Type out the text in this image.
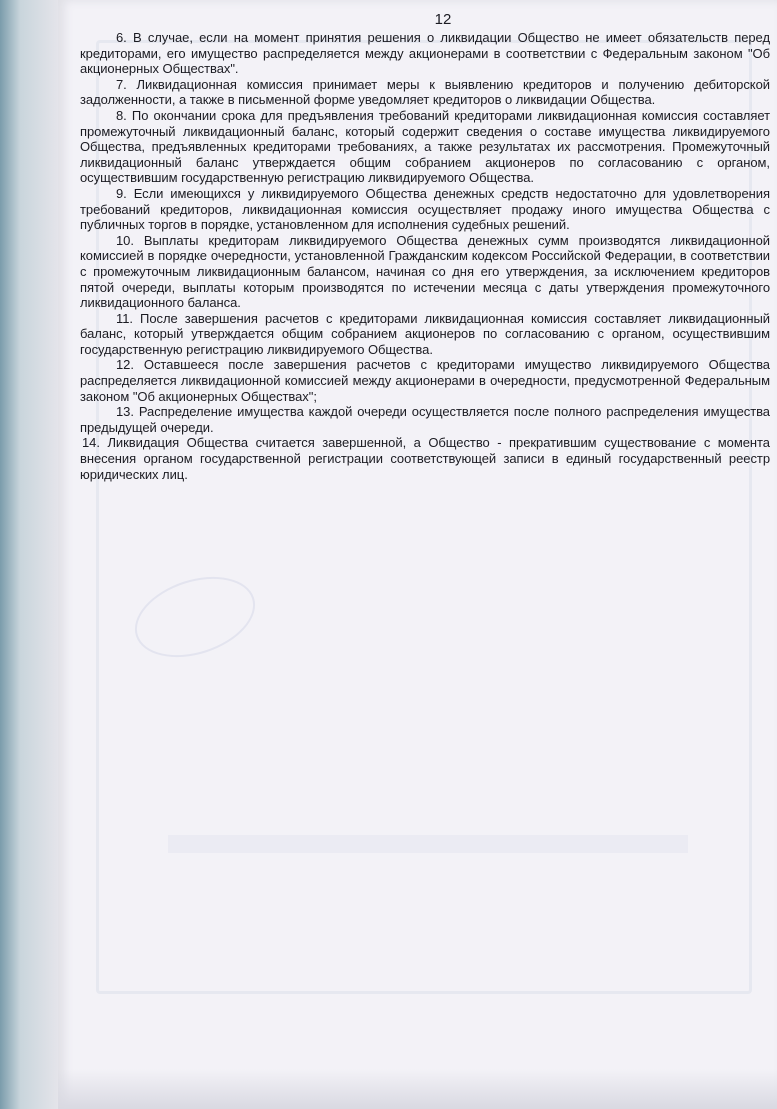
12

6. В случае, если на момент принятия решения о ликвидации Общество не имеет обязательств перед кредиторами, его имущество распределяется между акционерами в соответствии с Федеральным законом "Об акционерных Обществах".

7. Ликвидационная комиссия принимает меры к выявлению кредиторов и получению дебиторской задолженности, а также в письменной форме уведомляет кредиторов о ликвидации Общества.

8. По окончании срока для предъявления требований кредиторами ликвидационная комиссия составляет промежуточный ликвидационный баланс, который содержит сведения о составе имущества ликвидируемого Общества, предъявленных кредиторами требованиях, а также результатах их рассмотрения. Промежуточный ликвидационный баланс утверждается общим собранием акционеров по согласованию с органом, осуществившим государственную регистрацию ликвидируемого Общества.

9. Если имеющихся у ликвидируемого Общества денежных средств недостаточно для удовлетворения требований кредиторов, ликвидационная комиссия осуществляет продажу иного имущества Общества с публичных торгов в порядке, установленном для исполнения судебных решений.

10. Выплаты кредиторам ликвидируемого Общества денежных сумм производятся ликвидационной комиссией в порядке очередности, установленной Гражданским кодексом Российской Федерации, в соответствии с промежуточным ликвидационным балансом, начиная со дня его утверждения, за исключением кредиторов пятой очереди, выплаты которым производятся по истечении месяца с даты утверждения промежуточного ликвидационного баланса.

11. После завершения расчетов с кредиторами ликвидационная комиссия составляет ликвидационный баланс, который утверждается общим собранием акционеров по согласованию с органом, осуществившим государственную регистрацию ликвидируемого Общества.

12. Оставшееся после завершения расчетов с кредиторами имущество ликвидируемого Общества распределяется ликвидационной комиссией между акционерами в очередности, предусмотренной Федеральным законом "Об акционерных Обществах";

13. Распределение имущества каждой очереди осуществляется после полного распределения имущества предыдущей очереди.

14. Ликвидация Общества считается завершенной, а Общество - прекратившим существование с момента внесения органом государственной регистрации соответствующей записи в единый государственный реестр юридических лиц.
